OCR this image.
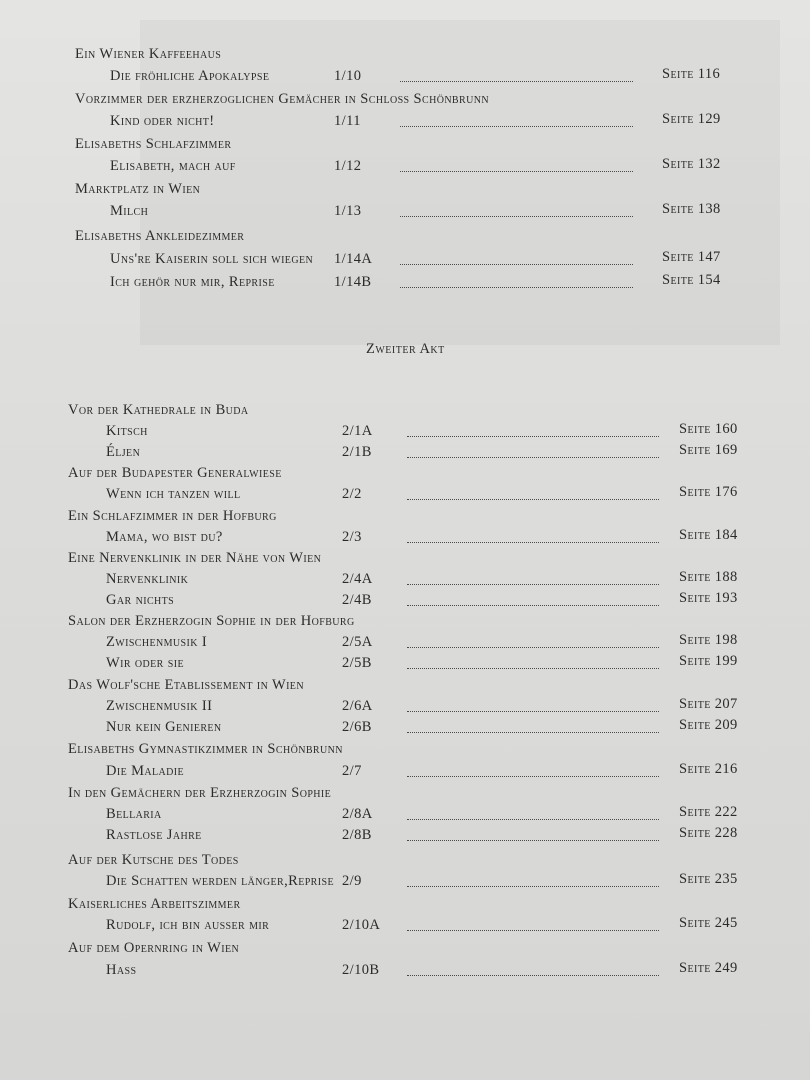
Ein Wiener Kaffeehaus
Die fröhliche Apokalypse	1/10	Seite 116
Vorzimmer der erzherzoglichen Gemächer in Schloss Schönbrunn
Kind oder nicht!	1/11	Seite 129
Elisabeths Schlafzimmer
Elisabeth, mach auf	1/12	Seite 132
Marktplatz in Wien
Milch	1/13	Seite 138
Elisabeths Ankleidezimmer
Uns're Kaiserin soll sich wiegen 1/14A	Seite 147
Ich gehör nur mir, Reprise	1/14B	Seite 154
Zweiter Akt
Vor der Kathedrale in Buda
Kitsch	2/1A	Seite 160
Éljen	2/1B	Seite 169
Auf der Budapester Generalwiese
Wenn ich tanzen will	2/2	Seite 176
Ein Schlafzimmer in der Hofburg
Mama, wo bist du?	2/3	Seite 184
Eine Nervenklinik in der Nähe von Wien
Nervenklinik	2/4A	Seite 188
Gar nichts	2/4B	Seite 193
Salon der Erzherzogin Sophie in der Hofburg
Zwischenmusik I	2/5A	Seite 198
Wir oder sie	2/5B	Seite 199
Das Wolf'sche Etablissement in Wien
Zwischenmusik II	2/6A	Seite 207
Nur kein Genieren	2/6B	Seite 209
Elisabeths Gymnastikzimmer in Schönbrunn
Die Maladie	2/7	Seite 216
In den Gemächern der Erzherzogin Sophie
Bellaria	2/8A	Seite 222
Rastlose Jahre	2/8B	Seite 228
Auf der Kutsche des Todes
Die Schatten werden länger,Reprise 2/9	Seite 235
Kaiserliches Arbeitszimmer
Rudolf, ich bin ausser mir	2/10A	Seite 245
Auf dem Opernring in Wien
Hass	2/10B	Seite 249
